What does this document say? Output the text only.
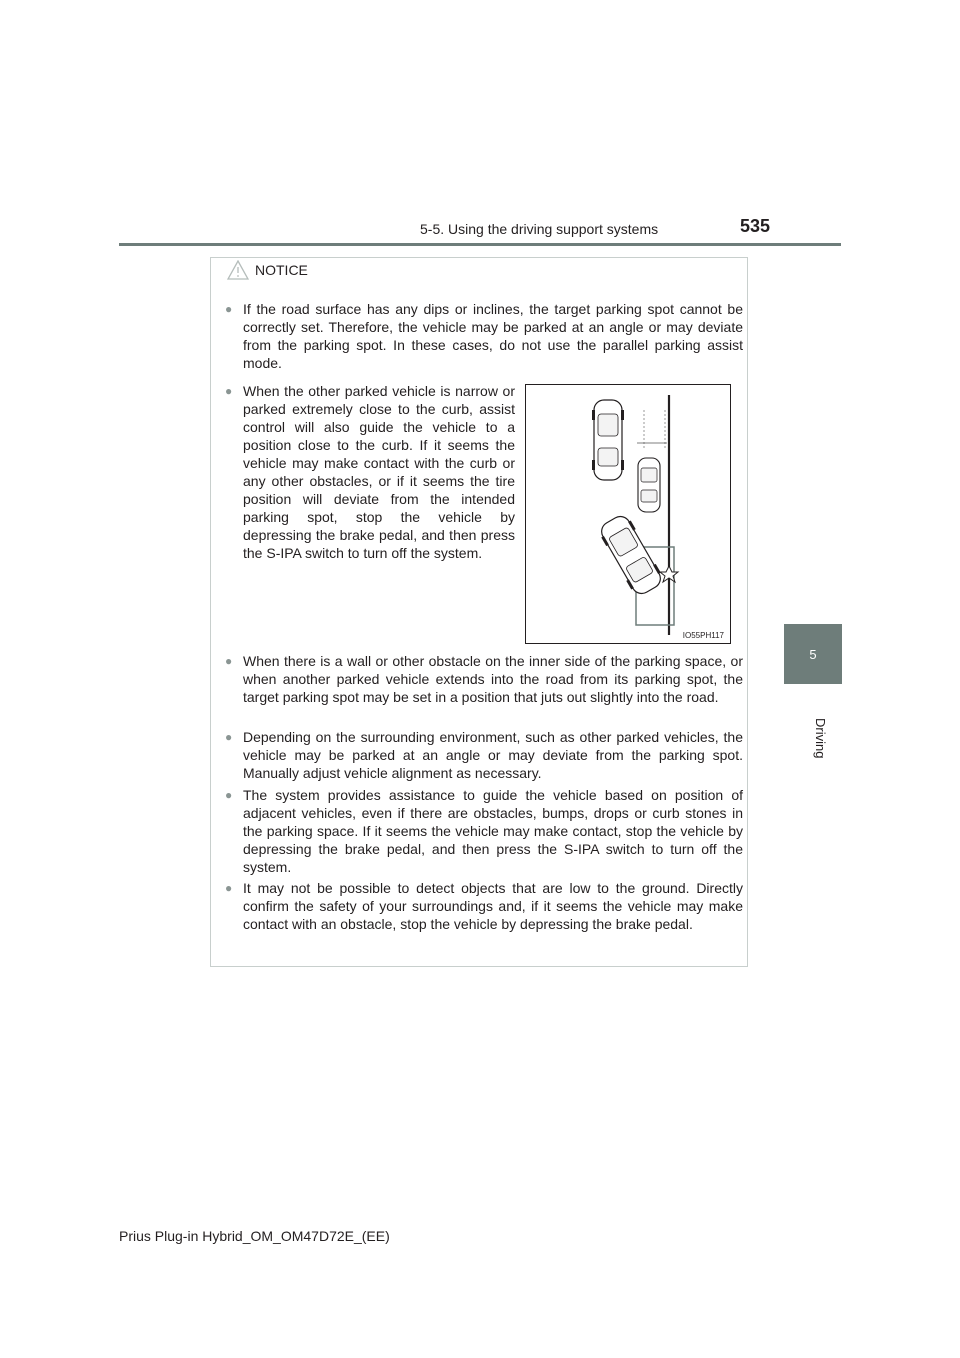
5-5. Using the driving support systems	535
5
Driving
NOTICE
● If the road surface has any dips or inclines, the target parking spot cannot be correctly set. Therefore, the vehicle may be parked at an angle or may deviate from the parking spot. In these cases, do not use the parallel parking assist mode.
● When the other parked vehicle is narrow or parked extremely close to the curb, assist control will also guide the vehicle to a position close to the curb. If it seems the vehicle may make contact with the curb or any other obstacles, or if it seems the tire position will deviate from the intended parking spot, stop the vehicle by depressing the brake pedal, and then press the S-IPA switch to turn off the system.
IO55PH117
● When there is a wall or other obstacle on the inner side of the parking space, or when another parked vehicle extends into the road from its parking spot, the target parking spot may be set in a position that juts out slightly into the road.
● Depending on the surrounding environment, such as other parked vehicles, the vehicle may be parked at an angle or may deviate from the parking spot. Manually adjust vehicle alignment as necessary.
● The system provides assistance to guide the vehicle based on position of adjacent vehicles, even if there are obstacles, bumps, drops or curb stones in the parking space. If it seems the vehicle may make contact, stop the vehicle by depressing the brake pedal, and then press the S-IPA switch to turn off the system.
● It may not be possible to detect objects that are low to the ground. Directly confirm the safety of your surroundings and, if it seems the vehicle may make contact with an obstacle, stop the vehicle by depressing the brake pedal.
Prius Plug-in Hybrid_OM_OM47D72E_(EE)
